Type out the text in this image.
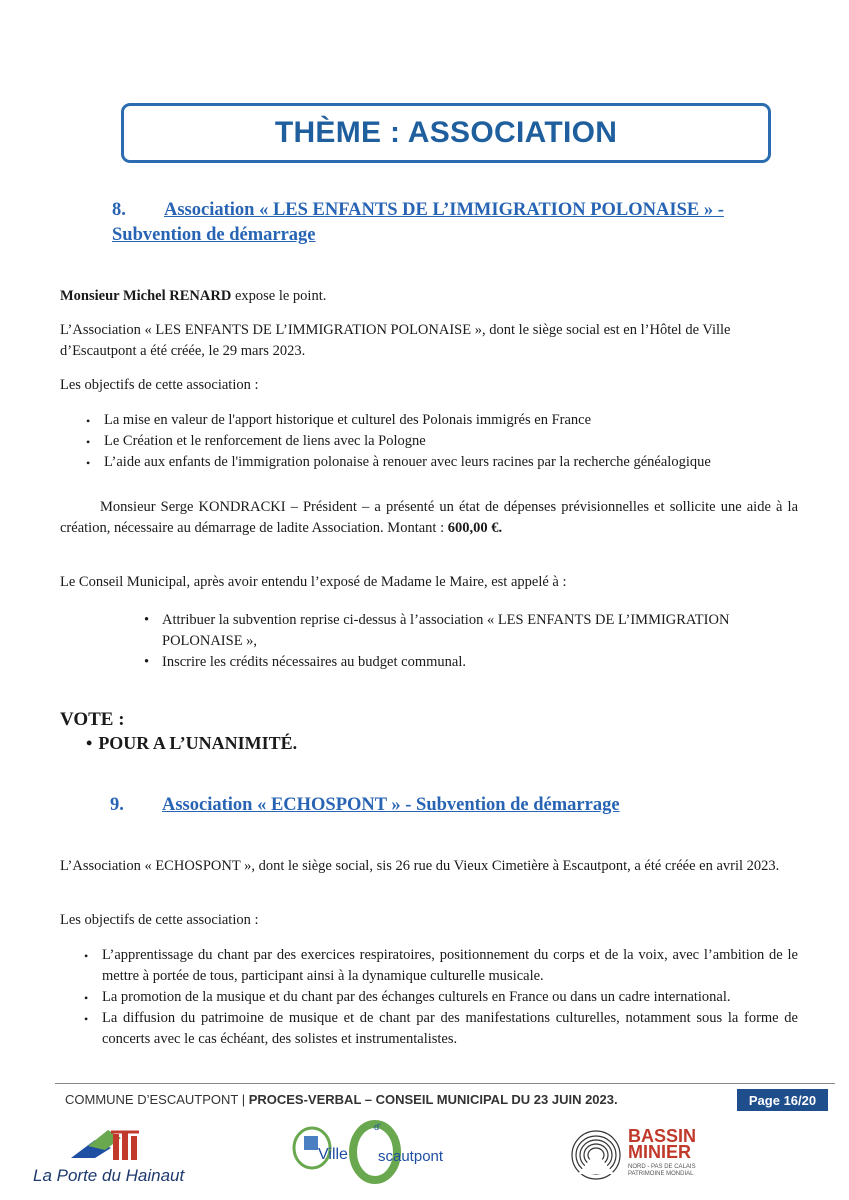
THÈME : ASSOCIATION
8. Association « LES ENFANTS DE L’IMMIGRATION POLONAISE » -
Subvention de démarrage
Monsieur Michel RENARD expose le point.
L’Association « LES ENFANTS DE L’IMMIGRATION POLONAISE », dont le siège social est en l’Hôtel de Ville d’Escautpont a été créée, le 29 mars 2023.
Les objectifs de cette association :
• La mise en valeur de l'apport historique et culturel des Polonais immigrés en France
• Le Création et le renforcement de liens avec la Pologne
• L’aide aux enfants de l'immigration polonaise à renouer avec leurs racines par la recherche généalogique
Monsieur Serge KONDRACKI – Président – a présenté un état de dépenses prévisionnelles et sollicite une aide à la création, nécessaire au démarrage de ladite Association. Montant : 600,00 €.
Le Conseil Municipal, après avoir entendu l’exposé de Madame le Maire, est appelé à :
• Attribuer la subvention reprise ci-dessus à l’association « LES ENFANTS DE L’IMMIGRATION POLONAISE »,
• Inscrire les crédits nécessaires au budget communal.
VOTE :
• POUR A L’UNANIMITÉ.
9. Association « ECHOSPONT » - Subvention de démarrage
L’Association « ECHOSPONT », dont le siège social, sis 26 rue du Vieux Cimetière à Escautpont, a été créée en avril 2023.
Les objectifs de cette association :
• L’apprentissage du chant par des exercices respiratoires, positionnement du corps et de la voix, avec l’ambition de le mettre à portée de tous, participant ainsi à la dynamique culturelle musicale.
• La promotion de la musique et du chant par des échanges culturels en France ou dans un cadre international.
• La diffusion du patrimoine de musique et de chant par des manifestations culturelles, notamment sous la forme de concerts avec le cas échéant, des solistes et instrumentalistes.
COMMUNE D’ESCAUTPONT | PROCES-VERBAL – CONSEIL MUNICIPAL DU 23 JUIN 2023.	Page 16/20
La Porte du Hainaut
Ville
d'
scautpont
BASSIN
MINIER
NORD - PAS DE CALAIS
PATRIMOINE MONDIAL
